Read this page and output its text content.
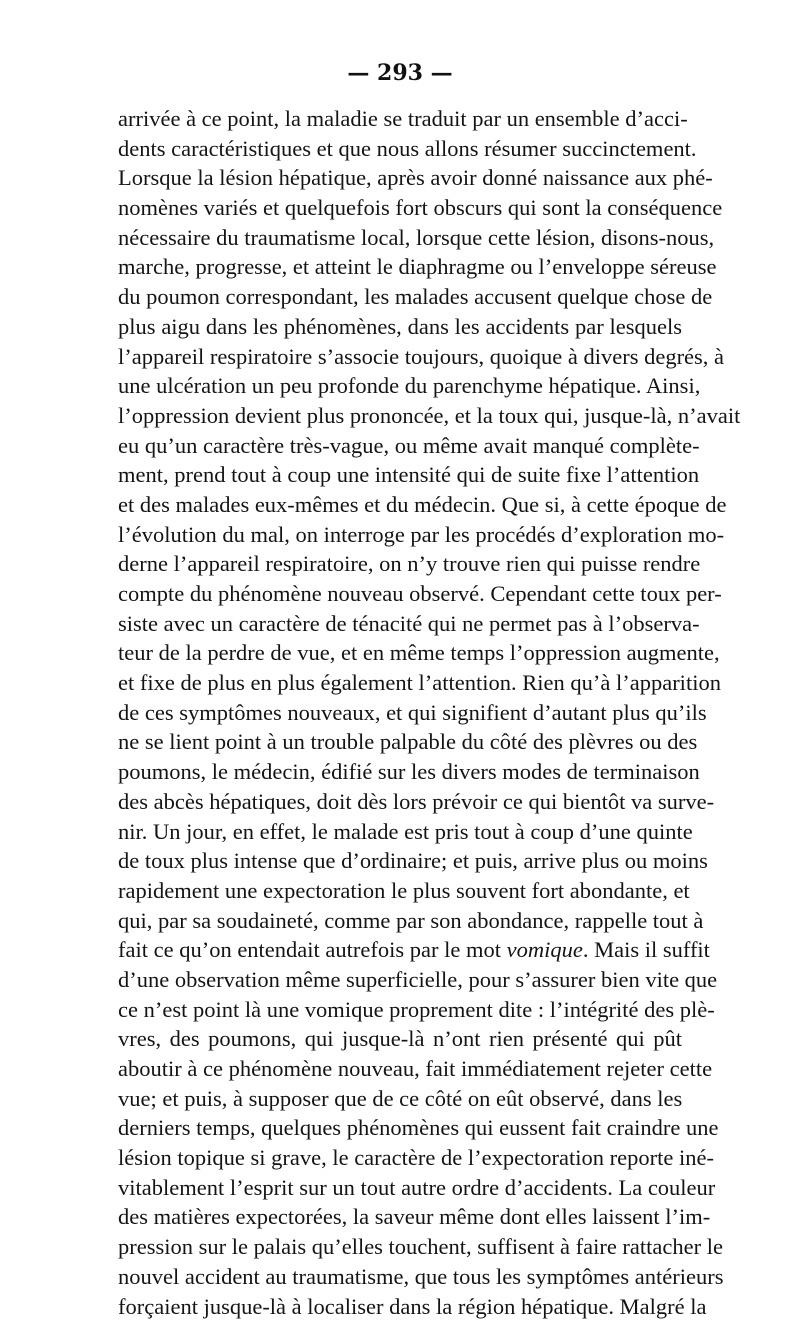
— 293 —
arrivée à ce point, la maladie se traduit par un ensemble d’acci-
dents caractéristiques et que nous allons résumer succinctement.
Lorsque la lésion hépatique, après avoir donné naissance aux phé-
nomènes variés et quelquefois fort obscurs qui sont la conséquence
nécessaire du traumatisme local, lorsque cette lésion, disons-nous,
marche, progresse, et atteint le diaphragme ou l’enveloppe séreuse
du poumon correspondant, les malades accusent quelque chose de
plus aigu dans les phénomènes, dans les accidents par lesquels
l’appareil respiratoire s’associe toujours, quoique à divers degrés, à
une ulcération un peu profonde du parenchyme hépatique. Ainsi,
l’oppression devient plus prononcée, et la toux qui, jusque-là, n’avait
eu qu’un caractère très-vague, ou même avait manqué complète-
ment, prend tout à coup une intensité qui de suite fixe l’attention
et des malades eux-mêmes et du médecin. Que si, à cette époque de
l’évolution du mal, on interroge par les procédés d’exploration mo-
derne l’appareil respiratoire, on n’y trouve rien qui puisse rendre
compte du phénomène nouveau observé. Cependant cette toux per-
siste avec un caractère de ténacité qui ne permet pas à l’observa-
teur de la perdre de vue, et en même temps l’oppression augmente,
et fixe de plus en plus également l’attention. Rien qu’à l’apparition
de ces symptômes nouveaux, et qui signifient d’autant plus qu’ils
ne se lient point à un trouble palpable du côté des plèvres ou des
poumons, le médecin, édifié sur les divers modes de terminaison
des abcès hépatiques, doit dès lors prévoir ce qui bientôt va surve-
nir. Un jour, en effet, le malade est pris tout à coup d’une quinte
de toux plus intense que d’ordinaire; et puis, arrive plus ou moins
rapidement une expectoration le plus souvent fort abondante, et
qui, par sa soudaineté, comme par son abondance, rappelle tout à
fait ce qu’on entendait autrefois par le mot vomique. Mais il suffit
d’une observation même superficielle, pour s’assurer bien vite que
ce n’est point là une vomique proprement dite : l’intégrité des plè-
vres, des poumons, qui jusque-là n’ont rien présenté qui pût
aboutir à ce phénomène nouveau, fait immédiatement rejeter cette
vue; et puis, à supposer que de ce côté on eût observé, dans les
derniers temps, quelques phénomènes qui eussent fait craindre une
lésion topique si grave, le caractère de l’expectoration reporte iné-
vitablement l’esprit sur un tout autre ordre d’accidents. La couleur
des matières expectorées, la saveur même dont elles laissent l’im-
pression sur le palais qu’elles touchent, suffisent à faire rattacher le
nouvel accident au traumatisme, que tous les symptômes antérieurs
forçaient jusque-là à localiser dans la région hépatique. Malgré la
